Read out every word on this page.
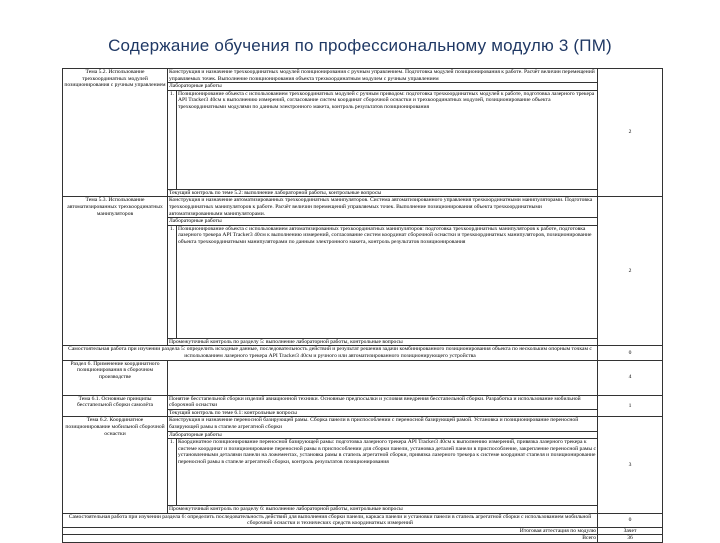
Содержание обучения по профессиональному модулю 3 (ПМ)
Тема 5.2. Использование трехкоординатных модулей позиционирования с ручным управлением	Конструкция и назначение трехкоординатных модулей позиционирования с ручным управлением. Подготовка модулей позиционирования к работе. Расчёт величин перемещений управляемых точек. Выполнение позиционирования объекта трехкоординатным модулем с ручным управлением		2
	Лабораторные работы		
	1.	Позиционирование объекта с использованием трехкоординатных модулей с ручным приводом: подготовка трехкоординатных модулей к работе, подготовка лазерного трекера API Tracker3 40см к выполнению измерений, согласование систем координат сборочной оснастки и трехкоординатных модулей, позиционирование объекта трехкоординатными модулями по данным электронного макета, контроль результатов позиционирования	
	Текущий контроль по теме 5.2: выполнение лабораторной работы, контрольные вопросы		
Тема 5.3. Использование автоматизированных трехкоординатных манипуляторов	Конструкция и назначение автоматизированных трехкоординатных манипуляторов. Система автоматизированного управления трехкоординатными манипуляторами. Подготовка трехкоординатных манипуляторов к работе. Расчёт величин перемещений управляемых точек. Выполнение позиционирования объекта трехкоординатными автоматизированными манипуляторами.		2
	Лабораторные работы		
	1.	Позиционирование объекта с использованием автоматизированных трехкоординатных манипуляторов: подготовка трехкоординатных манипуляторов к работе, подготовка лазерного трекера API Tracker3 40см к выполнению измерений, согласование систем координат сборочной оснастки и трехкоординатных манипуляторов, позиционирование объекта трехкоординатными манипуляторами по данным электронного макета, контроль результатов позиционирования	
	Промежуточный контроль по разделу 5: выполнение лабораторной работы, контрольные вопросы		
Самостоятельная работа при изучении раздела 5: определить исходные данные, последовательность действий и результат решения задачи комбинированного позиционирования объекта по нескольким опорным точкам с использованием лазерного трекера API Tracker3 40см и ручного или автоматизированного позиционирующего устройства			0
Раздел 6. Применение координатного позиционирования в сборочном производстве			4
Тема 6.1. Основные принципы бесстапельной сборки самолёта	Понятие бесстапельной сборки изделий авиационной техники. Основные предпосылки и условия внедрения бесстапельной сборки. Разработка и использование мобильной сборочной оснастки		1
	Текущий контроль по теме 6.1: контрольные вопросы		
Тема 6.2. Координатное позиционирование мобильной сборочной оснастки	Конструкция и назначение переносной базирующей рамы. Сборка панели в приспособлении с переносной базирующей рамой. Установка и позиционирование переносной базирующей рамы в стапеле агрегатной сборки		3
	Лабораторные работы		
	1.	Координатное позиционирование переносной базирующей рамы: подготовка лазерного трекера API Tracker3 40см к выполнению измерений, привязка лазерного трекера к системе координат и позиционирование переносной рамы в приспособлении для сборки панели, установка деталей панели в приспособление, закрепление переносной рамы с установленными деталями панели на ложементах, установка рамы в стапель агрегатной сборки, привязка лазерного трекера к системе координат стапеля и позиционирование переносной рамы в стапеле агрегатной сборки, контроль результатов позиционирования	
	Промежуточный контроль по разделу 6: выполнение лабораторной работы, контрольные вопросы		
Самостоятельная работа при изучении раздела 6: определить последовательность действий для выполнения сборки панели, каркаса панели и установки панели в стапель агрегатной сборки с использованием мобильной сборочной оснастки и технических средств координатных измерений			0
Итоговая аттестация по модулю			Зачет
Всего			36
